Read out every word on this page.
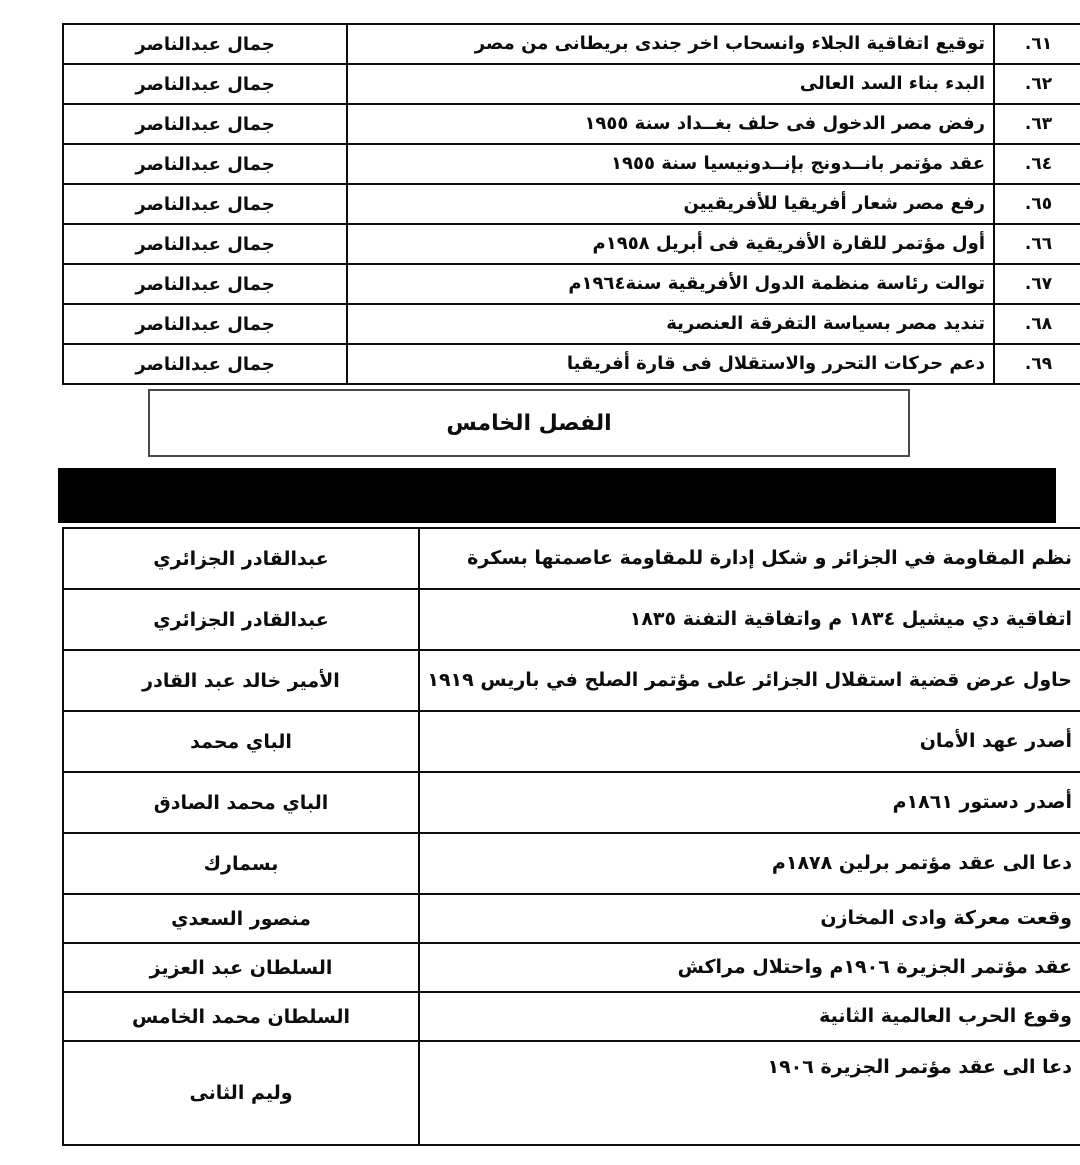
٦١.	توقيع اتفاقية الجلاء وانسحاب اخر جندى بريطانى من مصر	جمال عبدالناصر
٦٢.	البدء بناء السد العالى	جمال عبدالناصر
٦٣.	رفض مصر الدخول فى حلف بغــداد سنة ١٩٥٥	جمال عبدالناصر
٦٤.	عقد مؤتمر بانــدونج بإنــدونيسيا سنة ١٩٥٥	جمال عبدالناصر
٦٥.	رفع مصر شعار أفريقيا للأفريقيين	جمال عبدالناصر
٦٦.	أول مؤتمر للقارة الأفريقية فى أبريل ١٩٥٨م	جمال عبدالناصر
٦٧.	توالت رئاسة منظمة الدول الأفريقية سنة١٩٦٤م	جمال عبدالناصر
٦٨.	تنديد مصر بسياسة التفرقة العنصرية	جمال عبدالناصر
٦٩.	دعم حركات التحرر والاستقلال فى قارة أفريقيا	جمال عبدالناصر
الفصل الخامس
نظم المقاومة في الجزائر و شكل إدارة للمقاومة عاصمتها بسكرة	عبدالقادر الجزائري
اتفاقية دي ميشيل ١٨٣٤ م واتفاقية التفنة ١٨٣٥	عبدالقادر الجزائري
حاول عرض قضية استقلال الجزائر على مؤتمر الصلح في باريس ١٩١٩	الأمير خالد عبد القادر
أصدر عهد الأمان	الباي محمد
أصدر دستور ١٨٦١م	الباي محمد الصادق
دعا الى عقد مؤتمر برلين ١٨٧٨م	بسمارك
وقعت معركة وادى المخازن	منصور السعدي
عقد مؤتمر الجزيرة ١٩٠٦م واحتلال مراكش	السلطان عبد العزيز
وقوع الحرب العالمية الثانية	السلطان محمد الخامس
دعا الى عقد مؤتمر الجزيرة ١٩٠٦	وليم الثانى
